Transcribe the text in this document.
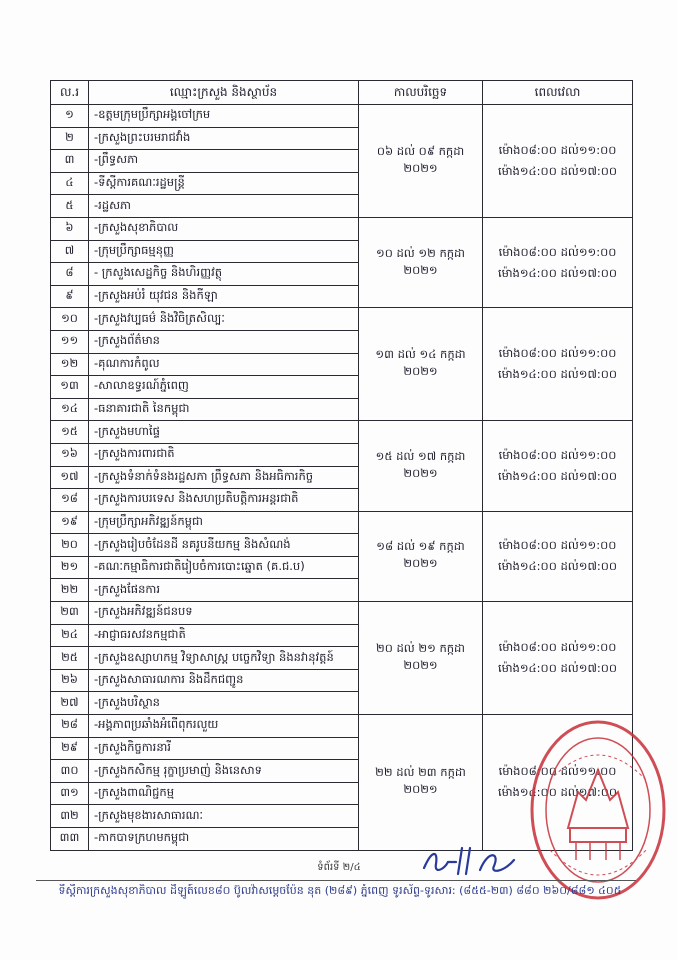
ល.រ	ឈ្មោះក្រសួង និងស្ថាប័ន	កាលបរិច្ឆេទ	ពេលវេលា
១	-ឧត្តមក្រុមប្រឹក្សាអង្គចៅក្រម	០៦ ដល់ ០៩ កក្កដា ២០២១	ម៉ោង០៨:០០ ដល់១១:០០
ម៉ោង១៤:០០ ដល់១៧:០០

២	-ក្រសួងព្រះបរមរាជវាំង		
៣	-ព្រឹទ្ធសភា		
៤	-ទីស្ដីការគណៈរដ្ឋមន្ត្រី		
៥	-រដ្ឋសភា		
៦	-ក្រសួងសុខាភិបាល	១០ ដល់ ១២ កក្កដា ២០២១	ម៉ោង០៨:០០ ដល់១១:០០
ម៉ោង១៤:០០ ដល់១៧:០០

៧	-ក្រុមប្រឹក្សាធម្មនុញ្ញ		
៨	- ក្រសួងសេដ្ឋកិច្ច និងហិរញ្ញវត្ថុ		
៩	-ក្រសួងអប់រំ យុវជន និងកីឡា		
១០	-ក្រសួងវប្បធម៌ និងវិចិត្រសិល្បៈ	១៣ ដល់ ១៤ កក្កដា ២០២១	ម៉ោង០៨:០០ ដល់១១:០០
ម៉ោង១៤:០០ ដល់១៧:០០

១១	-ក្រសួងព័ត៌មាន		
១២	-គុណការកំពូល		
១៣	-សាលាឧទ្ធរណ៍ភ្នំពេញ		
១៤	-ធនាគារជាតិ នៃកម្ពុជា		
១៥	-ក្រសួងមហាផ្ទៃ	១៥ ដល់ ១៧ កក្កដា ២០២១	ម៉ោង០៨:០០ ដល់១១:០០
ម៉ោង១៤:០០ ដល់១៧:០០

១៦	-ក្រសួងការពារជាតិ		
១៧	-ក្រសួងទំនាក់ទំនងរដ្ឋសភា ព្រឹទ្ធសភា និងអធិការកិច្ច		
១៨	-ក្រសួងការបរទេស និងសហប្រតិបត្តិការអន្តរជាតិ		
១៩	-ក្រុមប្រឹក្សាអភិវឌ្ឍន៍កម្ពុជា	១៨ ដល់ ១៩ កក្កដា ២០២១	ម៉ោង០៨:០០ ដល់១១:០០
ម៉ោង១៤:០០ ដល់១៧:០០

២០	-ក្រសួងរៀបចំដែនដី នគរូបនីយកម្ម និងសំណង់		
២១	-គណៈកម្មាធិការជាតិរៀបចំការបោះឆ្នោត (គ.ជ.ប)		
២២	-ក្រសួងផែនការ		
២៣	-ក្រសួងអភិវឌ្ឍន៍ជនបទ	២០ ដល់ ២១ កក្កដា ២០២១	ម៉ោង០៨:០០ ដល់១១:០០
ម៉ោង១៤:០០ ដល់១៧:០០

២៤	-អាជ្ញាធរសវនកម្មជាតិ		
២៥	-ក្រសួងឧស្សាហកម្ម វិទ្យាសាស្ត្រ បច្ចេកវិទ្យា និងនវានុវត្តន៍		
២៦	-ក្រសួងសាធារណការ និងដឹកជញ្ជូន		
២៧	-ក្រសួងបរិស្ថាន		
២៨	-អង្គភាពប្រឆាំងអំពើពុករលួយ	២២ ដល់ ២៣ កក្កដា ២០២១	ម៉ោង០៨:០០ ដល់១១:០០
ម៉ោង១៤:០០ ដល់១៧:០០

២៩	-ក្រសួងកិច្ចការនារី		
៣០	-ក្រសួងកសិកម្ម រុក្ខាប្រមាញ់ និងនេសាទ		
៣១	-ក្រសួងពាណិជ្ជកម្ម		
៣២	-ក្រសួងមុខងារសាធារណៈ		
៣៣	-កាកបាទក្រហមកម្ពុជា		
ទំព័រទី ២/៤
ទីស្ដីការក្រសួងសុខាភិបាល ដីឡូត៍លេខ៨០ ប៊ូលវ៉ាសម្ដេចប៉ែន នុត (២៨៩) ភ្នំពេញ ទូរស័ព្ទ-ទូរសារ: (៨៥៥-២៣) ៨៨០ ២៦០/៨៨១ ៤០៥
